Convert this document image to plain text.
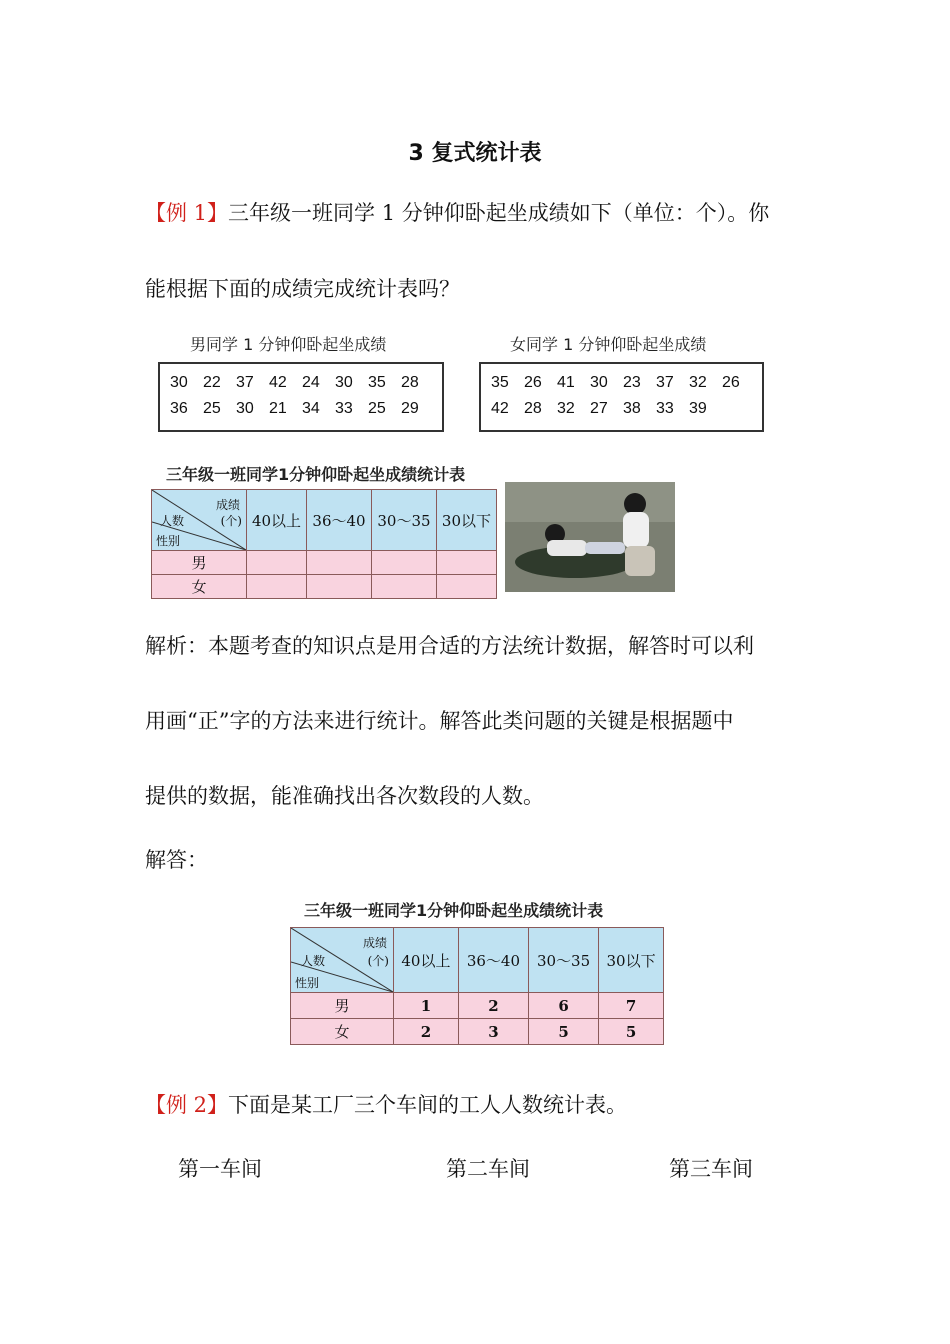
3 复式统计表
【例 1】三年级一班同学 1 分钟仰卧起坐成绩如下（单位：个）。你
能根据下面的成绩完成统计表吗？
男同学 1 分钟仰卧起坐成绩
30 22 37 42 24 30 35 28
36 25 30 21 34 33 25 29
女同学 1 分钟仰卧起坐成绩
35 26 41 30 23 37 32 26
42 28 32 27 38 33 39
三年级一班同学1分钟仰卧起坐成绩统计表
成绩
(个)
人数
性别	40以上	36～40	30～35	30以下
男				
女				
解析：本题考查的知识点是用合适的方法统计数据，解答时可以利
用画“正”字的方法来进行统计。解答此类问题的关键是根据题中
提供的数据，能准确找出各次数段的人数。
解答：
三年级一班同学1分钟仰卧起坐成绩统计表
成绩
(个)
人数
性别	40以上	36～40	30～35	30以下
男	1	2	6	7
女	2	3	5	5
【例 2】下面是某工厂三个车间的工人人数统计表。
第一车间	第二车间	第三车间
